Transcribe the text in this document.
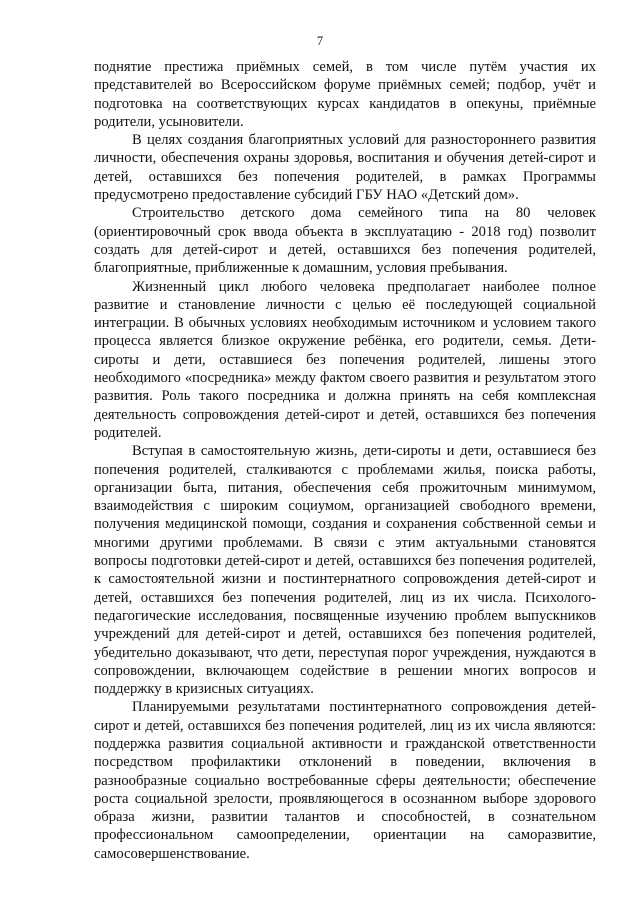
7

поднятие престижа приёмных семей, в том числе путём участия их представителей во Всероссийском форуме приёмных семей; подбор, учёт и подготовка на соответствующих курсах кандидатов в опекуны, приёмные родители, усыновители.

В целях создания благоприятных условий для разностороннего развития личности, обеспечения охраны здоровья, воспитания и обучения детей-сирот и детей, оставшихся без попечения родителей, в рамках Программы предусмотрено предоставление субсидий ГБУ НАО «Детский дом».

Строительство детского дома семейного типа на 80 человек (ориентировочный срок ввода объекта в эксплуатацию - 2018 год) позволит создать для детей-сирот и детей, оставшихся без попечения родителей, благоприятные, приближенные к домашним, условия пребывания.

Жизненный цикл любого человека предполагает наиболее полное развитие и становление личности с целью её последующей социальной интеграции. В обычных условиях необходимым источником и условием такого процесса является близкое окружение ребёнка, его родители, семья. Дети-сироты и дети, оставшиеся без попечения родителей, лишены этого необходимого «посредника» между фактом своего развития и результатом этого развития. Роль такого посредника и должна принять на себя комплексная деятельность сопровождения детей-сирот и детей, оставшихся без попечения родителей.

Вступая в самостоятельную жизнь, дети-сироты и дети, оставшиеся без попечения родителей, сталкиваются с проблемами жилья, поиска работы, организации быта, питания, обеспечения себя прожиточным минимумом, взаимодействия с широким социумом, организацией свободного времени, получения медицинской помощи, создания и сохранения собственной семьи и многими другими проблемами. В связи с этим актуальными становятся вопросы подготовки детей-сирот и детей, оставшихся без попечения родителей, к самостоятельной жизни и постинтернатного сопровождения детей-сирот и детей, оставшихся без попечения родителей, лиц из их числа. Психолого-педагогические исследования, посвященные изучению проблем выпускников учреждений для детей-сирот и детей, оставшихся без попечения родителей, убедительно доказывают, что дети, переступая порог учреждения, нуждаются в сопровождении, включающем содействие в решении многих вопросов и поддержку в кризисных ситуациях.

Планируемыми результатами постинтернатного сопровождения детей-сирот и детей, оставшихся без попечения родителей, лиц из их числа являются: поддержка развития социальной активности и гражданской ответственности посредством профилактики отклонений в поведении, включения в разнообразные социально востребованные сферы деятельности; обеспечение роста социальной зрелости, проявляющегося в осознанном выборе здорового образа жизни, развитии талантов и способностей, в сознательном профессиональном самоопределении, ориентации на саморазвитие, самосовершенствование.
